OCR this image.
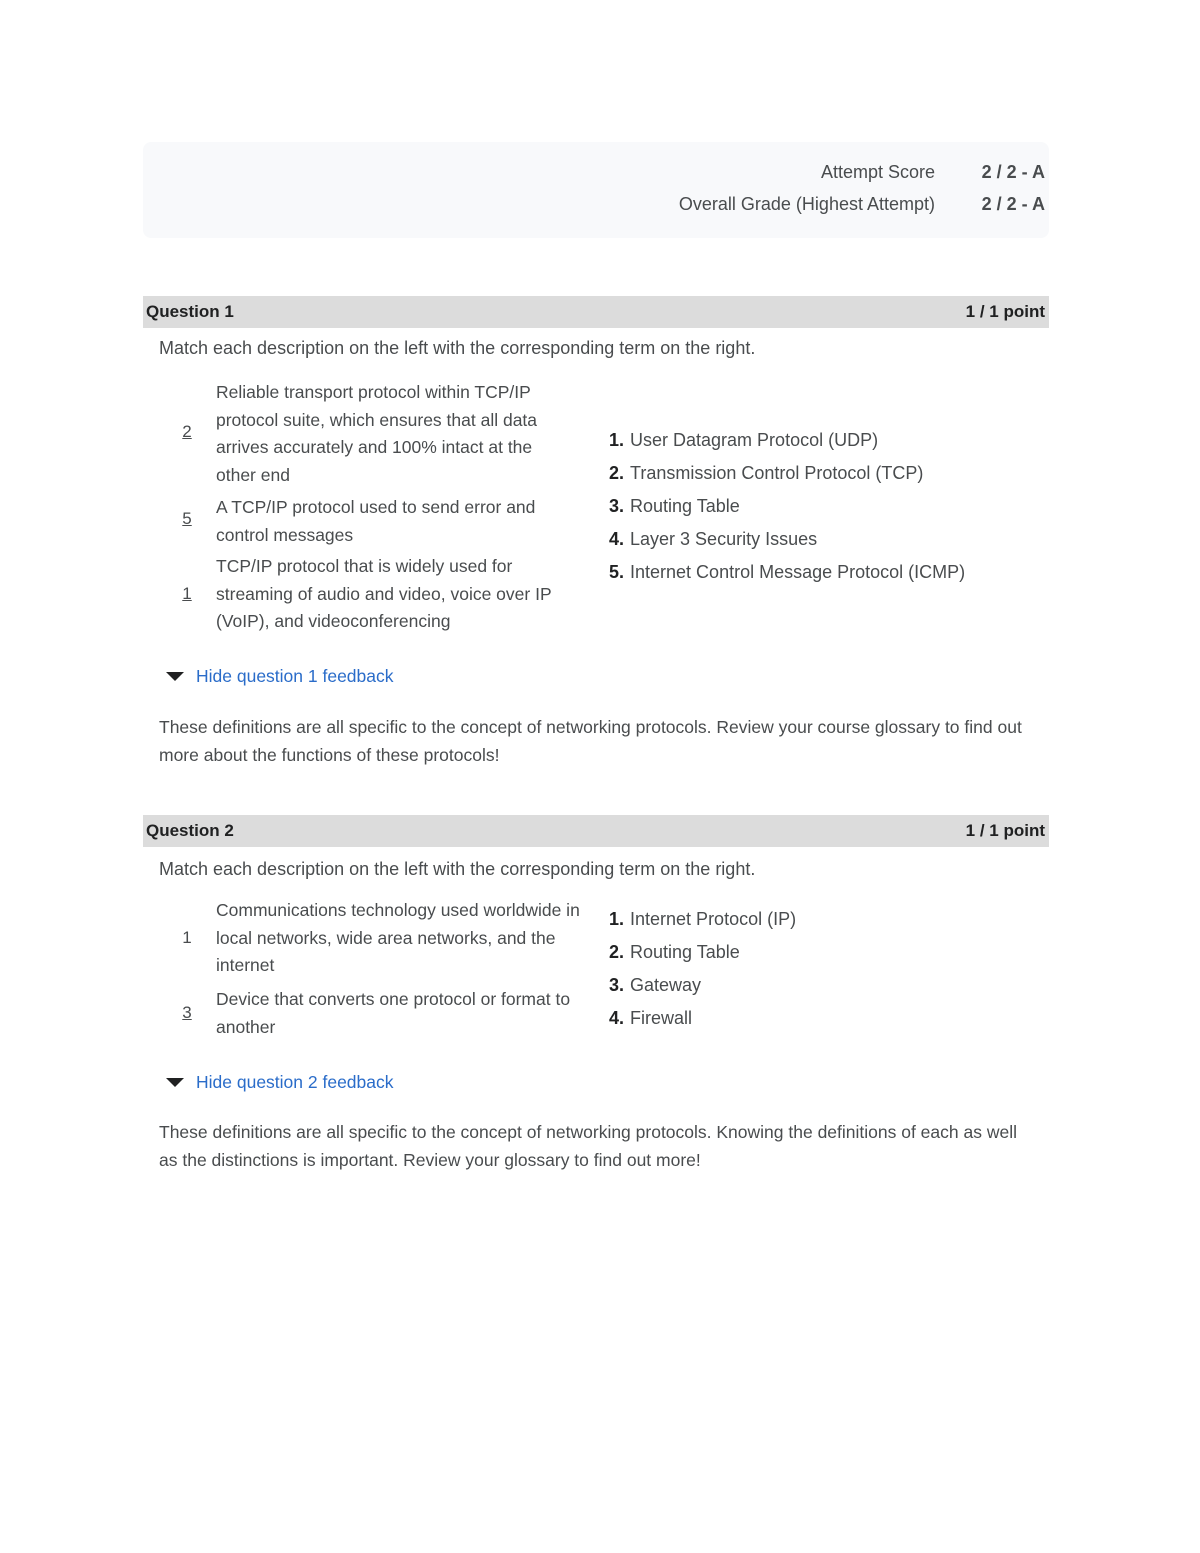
Attempt Score	2 / 2 - A
Overall Grade (Highest Attempt)	2 / 2 - A
Question 1	1 / 1 point
Match each description on the left with the corresponding term on the right.
2
Reliable transport protocol within TCP/IP protocol suite, which ensures that all data arrives accurately and 100% intact at the other end
5
A TCP/IP protocol used to send error and control messages
1
TCP/IP protocol that is widely used for streaming of audio and video, voice over IP (VoIP), and videoconferencing
1. User Datagram Protocol (UDP)
2. Transmission Control Protocol (TCP)
3. Routing Table
4. Layer 3 Security Issues
5. Internet Control Message Protocol (ICMP)
Hide question 1 feedback
These definitions are all specific to the concept of networking protocols. Review your course glossary to find out more about the functions of these protocols!
Question 2	1 / 1 point
Match each description on the left with the corresponding term on the right.
1
Communications technology used worldwide in local networks, wide area networks, and the internet
3
Device that converts one protocol or format to another
1. Internet Protocol (IP)
2. Routing Table
3. Gateway
4. Firewall
Hide question 2 feedback
These definitions are all specific to the concept of networking protocols. Knowing the definitions of each as well as the distinctions is important. Review your glossary to find out more!
